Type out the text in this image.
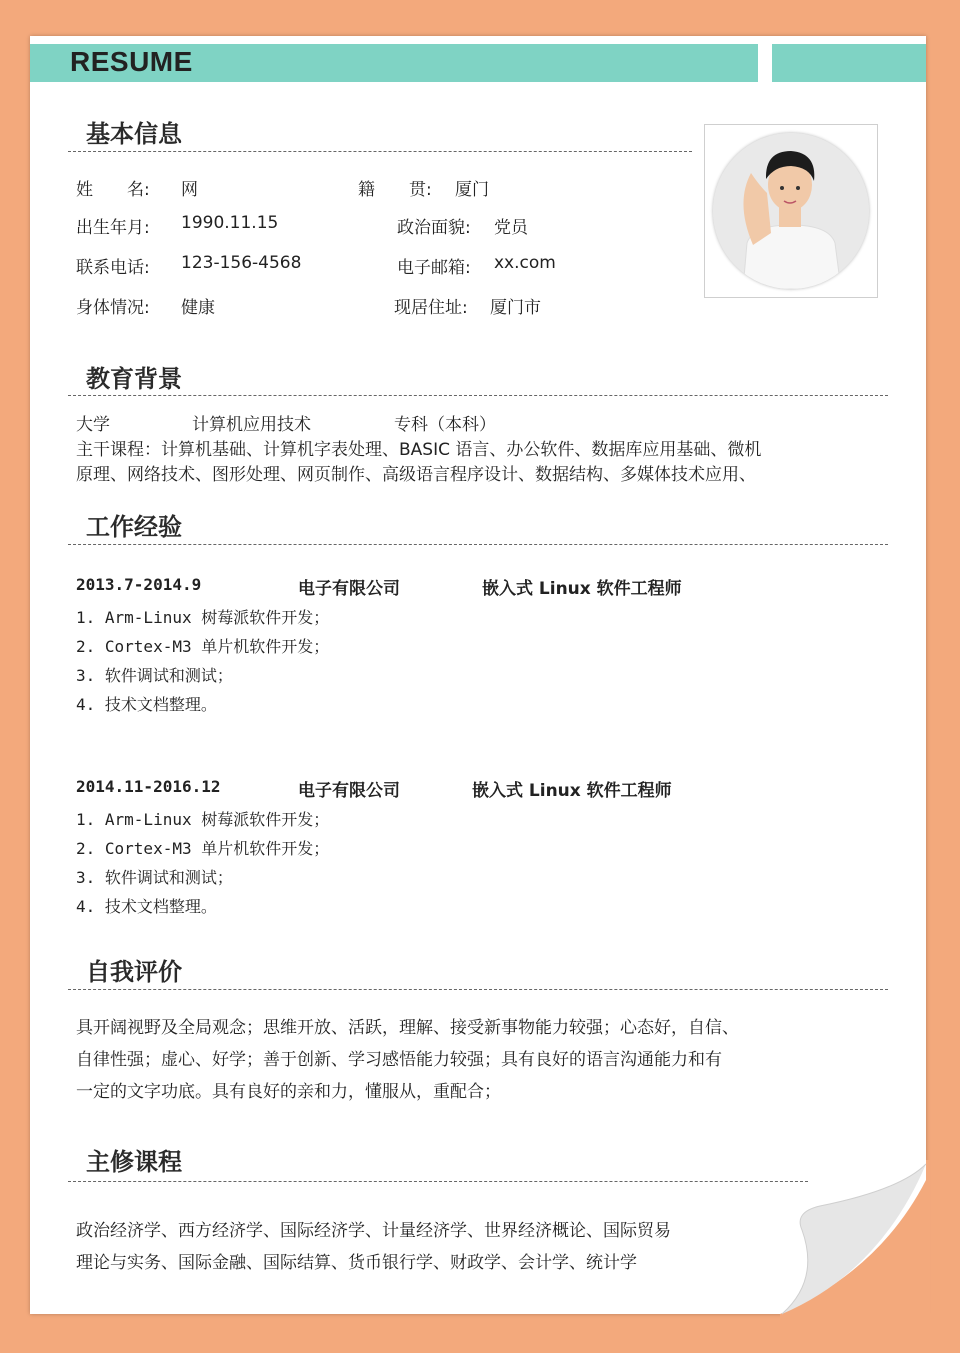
RESUME
基本信息
姓　　名: 网	籍　　贯: 厦门
出生年月: 1990.11.15	政治面貌: 党员
联系电话: 123-156-4568	电子邮箱: xx.com
身体情况: 健康	现居住址: 厦门市
教育背景
大学	计算机应用技术	专科（本科）
主干课程：计算机基础、计算机字表处理、BASIC 语言、办公软件、数据库应用基础、微机
原理、网络技术、图形处理、网页制作、高级语言程序设计、数据结构、多媒体技术应用、
工作经验
2013.7-2014.9	电子有限公司	嵌入式 Linux 软件工程师
1. Arm-Linux 树莓派软件开发；
2. Cortex-M3 单片机软件开发；
3. 软件调试和测试；
4. 技术文档整理。
2014.11-2016.12	电子有限公司	嵌入式 Linux 软件工程师
1. Arm-Linux 树莓派软件开发；
2. Cortex-M3 单片机软件开发；
3. 软件调试和测试；
4. 技术文档整理。
自我评价
具开阔视野及全局观念；思维开放、活跃，理解、接受新事物能力较强；心态好，自信、
自律性强；虚心、好学；善于创新、学习感悟能力较强；具有良好的语言沟通能力和有
一定的文字功底。具有良好的亲和力，懂服从，重配合；
主修课程
政治经济学、西方经济学、国际经济学、计量经济学、世界经济概论、国际贸易
理论与实务、国际金融、国际结算、货币银行学、财政学、会计学、统计学
